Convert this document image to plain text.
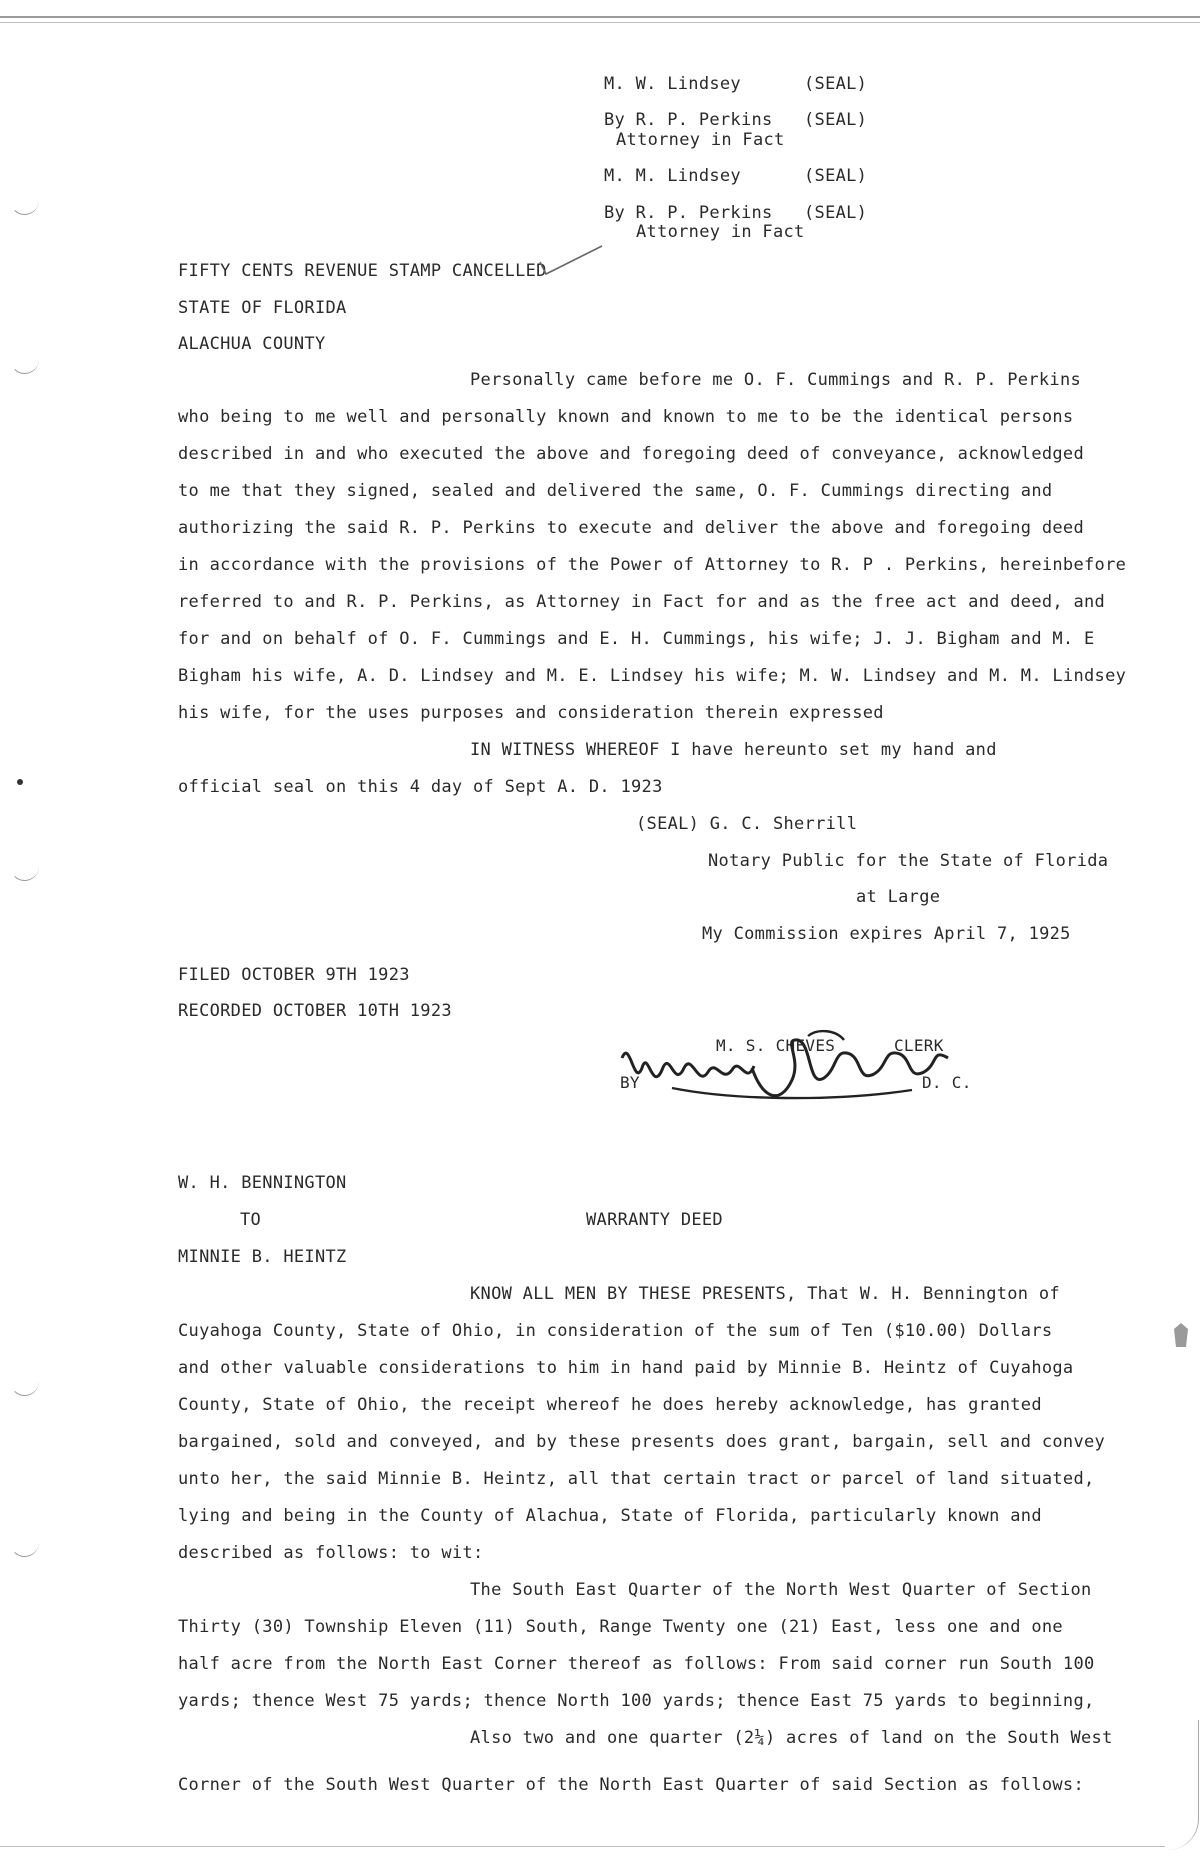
M. W. Lindsey	(SEAL)
By R. P. Perkins (SEAL)
Attorney in Fact
M. M. Lindsey	(SEAL)
By R. P. Perkins (SEAL)
Attorney in Fact
FIFTY CENTS REVENUE STAMP CANCELLED
STATE OF FLORIDA
ALACHUA COUNTY
Personally came before me O. F. Cummings and R. P. Perkins
who being to me well and personally known and known to me to be the identical persons
described in and who executed the above and foregoing deed of conveyance, acknowledged
to me that they signed, sealed and delivered the same, O. F. Cummings directing and
authorizing the said R. P. Perkins to execute and deliver the above and foregoing deed
in accordance with the provisions of the Power of Attorney to R. P . Perkins, hereinbefore
referred to and R. P. Perkins, as Attorney in Fact for and as the free act and deed, and
for and on behalf of O. F. Cummings and E. H. Cummings, his wife; J. J. Bigham and M. E
Bigham his wife, A. D. Lindsey and M. E. Lindsey his wife; M. W. Lindsey and M. M. Lindsey
his wife, for the uses purposes and consideration therein expressed
IN WITNESS WHEREOF I have hereunto set my hand and
official seal on this 4 day of Sept A. D. 1923
(SEAL) G. C. Sherrill
Notary Public for the State of Florida
at Large
My Commission expires April 7, 1925
FILED OCTOBER 9TH 1923
RECORDED OCTOBER 10TH 1923
M. S. CHEVES	CLERK
BY	D. C.
W. H. BENNINGTON
TO	WARRANTY DEED
MINNIE B. HEINTZ
KNOW ALL MEN BY THESE PRESENTS, That W. H. Bennington of
Cuyahoga County, State of Ohio, in consideration of the sum of Ten ($10.00) Dollars
and other valuable considerations to him in hand paid by Minnie B. Heintz of Cuyahoga
County, State of Ohio, the receipt whereof he does hereby acknowledge, has granted
bargained, sold and conveyed, and by these presents does grant, bargain, sell and convey
unto her, the said Minnie B. Heintz, all that certain tract or parcel of land situated,
lying and being in the County of Alachua, State of Florida, particularly known and
described as follows: to wit:
The South East Quarter of the North West Quarter of Section
Thirty (30) Township Eleven (11) South, Range Twenty one (21) East, less one and one
half acre from the North East Corner thereof as follows: From said corner run South 100
yards; thence West 75 yards; thence North 100 yards; thence East 75 yards to beginning,
Also two and one quarter (2¼) acres of land on the South West
Corner of the South West Quarter of the North East Quarter of said Section as follows:
